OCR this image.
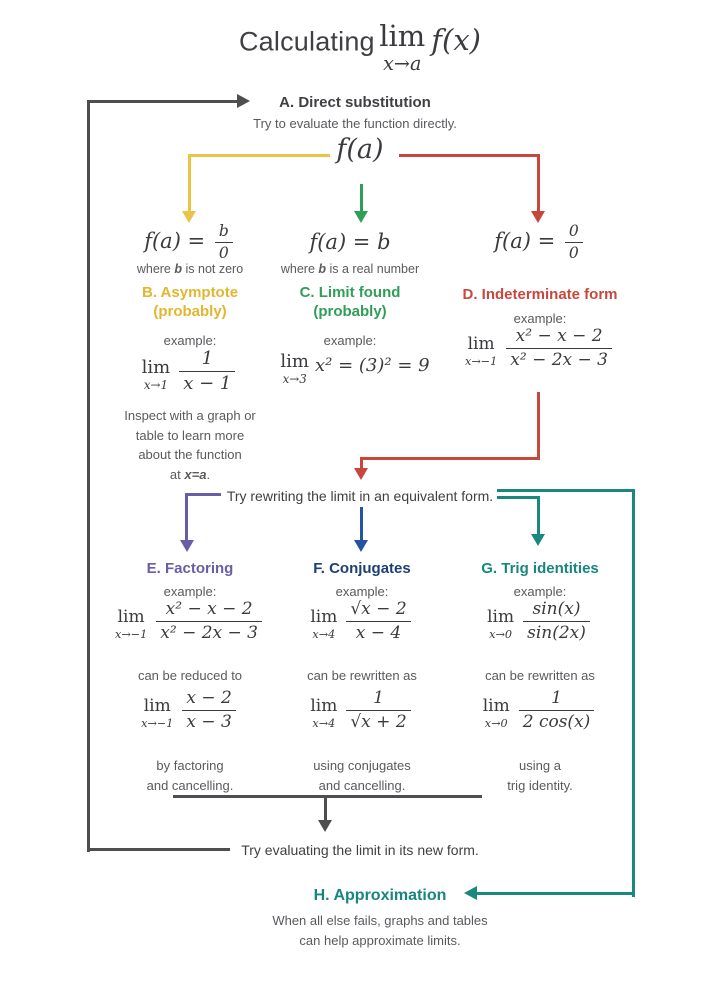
Calculating lim
x→a
f(x)
A. Direct substitution
Try to evaluate the function directly.
f(a)
$f(a) = \frac{b}{0}$	f(a) = b	$f(a) = \frac{0}{0}$
where b is not zero	where b is a real number
B. Asymptote
(probably)
C. Limit found
(probably)
D. Indeterminate form
example:
lim
$x\to-1 \frac{\text{x² − x − 2}}{\text{x² − 2x − 3}}$
example:
lim
$x\to 1 \frac{1}{x - 1}$
example:
lim
x→3
x² = (3)² = 9
Inspect with a graph or
table to learn more
about the function
at x=a.
Try rewriting the limit in an equivalent form.
E. Factoring	F. Conjugates	G. Trig identities
example:	example:	example:
lim
$x\to-1 \frac{\text{x² − x − 2}}{\text{x² − 2x − 3}}$	lim
$x\to 4 \frac{√x - 2}{x - 4}$	lim
$x\to 0 \frac{\sin(x)}{\sin(2x)}$
can be reduced to	can be rewritten as	can be rewritten as
lim
$x\to-1 \frac{x - 2}{x - 3}$	lim
$x\to 4 \frac{1}{√x + 2}$	lim
$x\to 0 \frac{1}{2 \cos(x)}$
by factoring
and cancelling.
using conjugates
and cancelling.
using a
trig identity.
Try evaluating the limit in its new form.
H. Approximation
When all else fails, graphs and tables
can help approximate limits.
